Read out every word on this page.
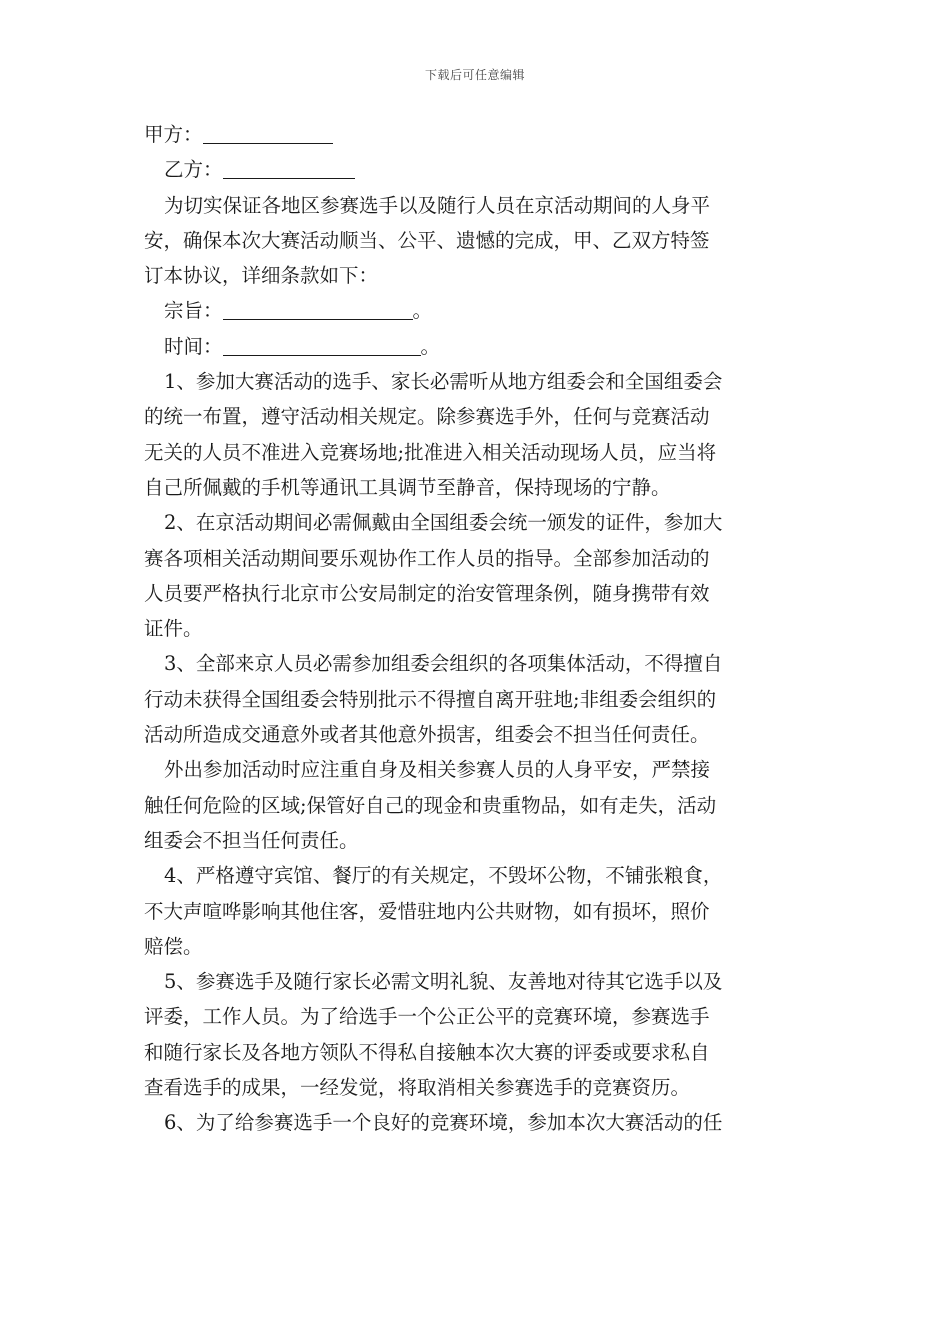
下载后可任意编辑
甲方：
乙方：
为切实保证各地区参赛选手以及随行人员在京活动期间的人身平
安，确保本次大赛活动顺当、公平、遗憾的完成，甲、乙双方特签
订本协议，详细条款如下：
宗旨：	。
时间：	。
1、参加大赛活动的选手、家长必需听从地方组委会和全国组委会
的统一布置，遵守活动相关规定。除参赛选手外，任何与竞赛活动
无关的人员不准进入竞赛场地;批准进入相关活动现场人员，应当将
自己所佩戴的手机等通讯工具调节至静音，保持现场的宁静。
2、在京活动期间必需佩戴由全国组委会统一颁发的证件，参加大
赛各项相关活动期间要乐观协作工作人员的指导。全部参加活动的
人员要严格执行北京市公安局制定的治安管理条例，随身携带有效
证件。
3、全部来京人员必需参加组委会组织的各项集体活动，不得擅自
行动未获得全国组委会特别批示不得擅自离开驻地;非组委会组织的
活动所造成交通意外或者其他意外损害，组委会不担当任何责任。
外出参加活动时应注重自身及相关参赛人员的人身平安，严禁接
触任何危险的区域;保管好自己的现金和贵重物品，如有走失，活动
组委会不担当任何责任。
4、严格遵守宾馆、餐厅的有关规定，不毁坏公物，不铺张粮食，
不大声喧哗影响其他住客，爱惜驻地内公共财物，如有损坏，照价
赔偿。
5、参赛选手及随行家长必需文明礼貌、友善地对待其它选手以及
评委，工作人员。为了给选手一个公正公平的竞赛环境，参赛选手
和随行家长及各地方领队不得私自接触本次大赛的评委或要求私自
查看选手的成果，一经发觉，将取消相关参赛选手的竞赛资历。
6、为了给参赛选手一个良好的竞赛环境，参加本次大赛活动的任
